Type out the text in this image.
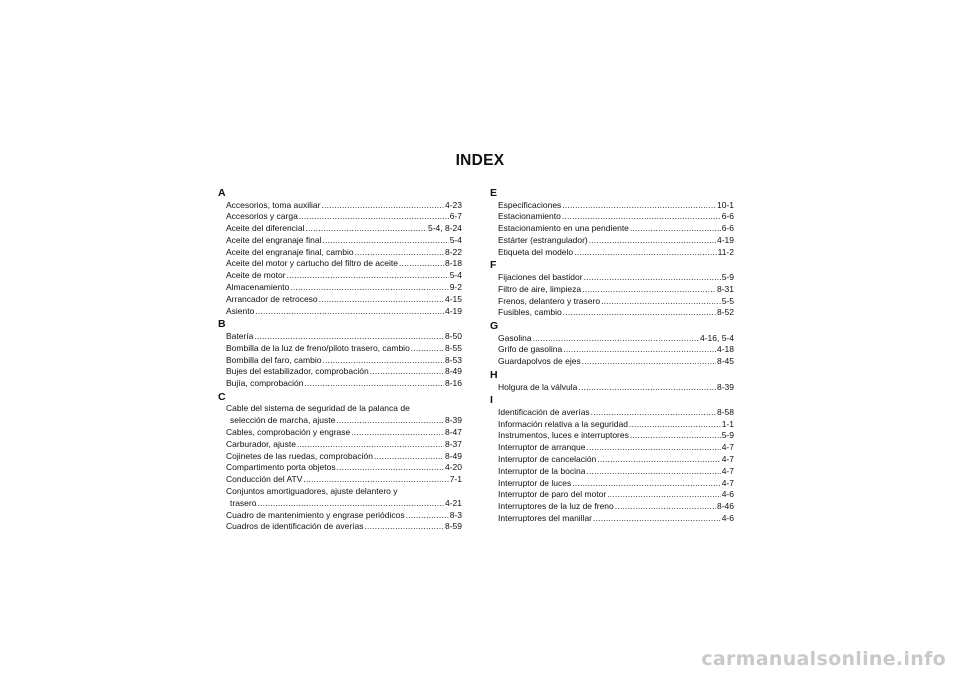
INDEX
A
Accesorios, toma auxiliar .....	4-23
Accesorios y carga .....	6-7
Aceite del diferencial .....	5-4, 8-24
Aceite del engranaje final .....	5-4
Aceite del engranaje final, cambio .....	8-22
Aceite del motor y cartucho del filtro de aceite .....	8-18
Aceite de motor .....	5-4
Almacenamiento .....	9-2
Arrancador de retroceso .....	4-15
Asiento .....	4-19
B
Batería .....	8-50
Bombilla de la luz de freno/piloto trasero, cambio .....	8-55
Bombilla del faro, cambio .....	8-53
Bujes del estabilizador, comprobación .....	8-49
Bujía, comprobación .....	8-16
C
Cable del sistema de seguridad de la palanca de
selección de marcha, ajuste .....	8-39
Cables, comprobación y engrase .....	8-47
Carburador, ajuste .....	8-37
Cojinetes de las ruedas, comprobación .....	8-49
Compartimento porta objetos .....	4-20
Conducción del ATV .....	7-1
Conjuntos amortiguadores, ajuste delantero y
trasero .....	4-21
Cuadro de mantenimiento y engrase periódicos .....	8-3
Cuadros de identificación de averías .....	8-59
E
Especificaciones .....	10-1
Estacionamiento .....	6-6
Estacionamiento en una pendiente .....	6-6
Estárter (estrangulador) .....	4-19
Etiqueta del modelo .....	11-2
F
Fijaciones del bastidor .....	5-9
Filtro de aire, limpieza .....	8-31
Frenos, delantero y trasero .....	5-5
Fusibles, cambio .....	8-52
G
Gasolina .....	4-16, 5-4
Grifo de gasolina .....	4-18
Guardapolvos de ejes .....	8-45
H
Holgura de la válvula .....	8-39
I
Identificación de averías .....	8-58
Información relativa a la seguridad .....	1-1
Instrumentos, luces e interruptores .....	5-9
Interruptor de arranque .....	4-7
Interruptor de cancelación .....	4-7
Interruptor de la bocina .....	4-7
Interruptor de luces .....	4-7
Interruptor de paro del motor .....	4-6
Interruptores de la luz de freno .....	8-46
Interruptores del manillar .....	4-6
carmanualsonline.info
